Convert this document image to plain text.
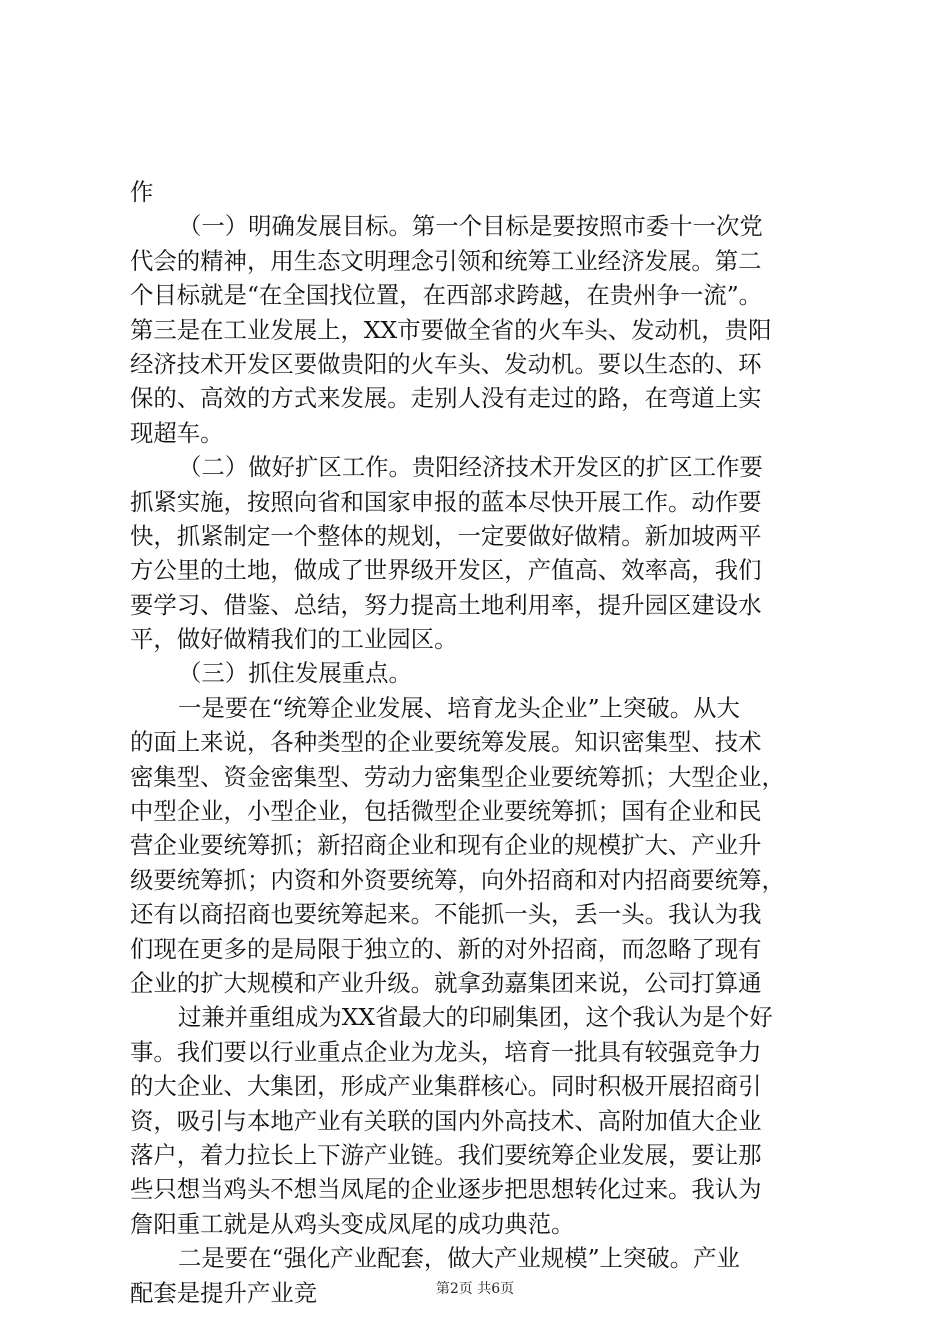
作
（一）明确发展目标。第一个目标是要按照市委十一次党
代会的精神，用生态文明理念引领和统筹工业经济发展。第二
个目标就是“在全国找位置，在西部求跨越，在贵州争一流”。
第三是在工业发展上，XX市要做全省的火车头、发动机，贵阳
经济技术开发区要做贵阳的火车头、发动机。要以生态的、环
保的、高效的方式来发展。走别人没有走过的路，在弯道上实
现超车。
（二）做好扩区工作。贵阳经济技术开发区的扩区工作要
抓紧实施，按照向省和国家申报的蓝本尽快开展工作。动作要
快，抓紧制定一个整体的规划，一定要做好做精。新加坡两平
方公里的土地，做成了世界级开发区，产值高、效率高，我们
要学习、借鉴、总结，努力提高土地利用率，提升园区建设水
平，做好做精我们的工业园区。
（三）抓住发展重点。
一是要在“统筹企业发展、培育龙头企业”上突破。从大
的面上来说，各种类型的企业要统筹发展。知识密集型、技术
密集型、资金密集型、劳动力密集型企业要统筹抓；大型企业，
中型企业，小型企业，包括微型企业要统筹抓；国有企业和民
营企业要统筹抓；新招商企业和现有企业的规模扩大、产业升
级要统筹抓；内资和外资要统筹，向外招商和对内招商要统筹，
还有以商招商也要统筹起来。不能抓一头，丢一头。我认为我
们现在更多的是局限于独立的、新的对外招商，而忽略了现有
企业的扩大规模和产业升级。就拿劲嘉集团来说，公司打算通
过兼并重组成为XX省最大的印刷集团，这个我认为是个好
事。我们要以行业重点企业为龙头，培育一批具有较强竞争力
的大企业、大集团，形成产业集群核心。同时积极开展招商引
资，吸引与本地产业有关联的国内外高技术、高附加值大企业
落户，着力拉长上下游产业链。我们要统筹企业发展，要让那
些只想当鸡头不想当凤尾的企业逐步把思想转化过来。我认为
詹阳重工就是从鸡头变成凤尾的成功典范。
二是要在“强化产业配套，做大产业规模”上突破。产业
配套是提升产业竞	第2页 共6页
